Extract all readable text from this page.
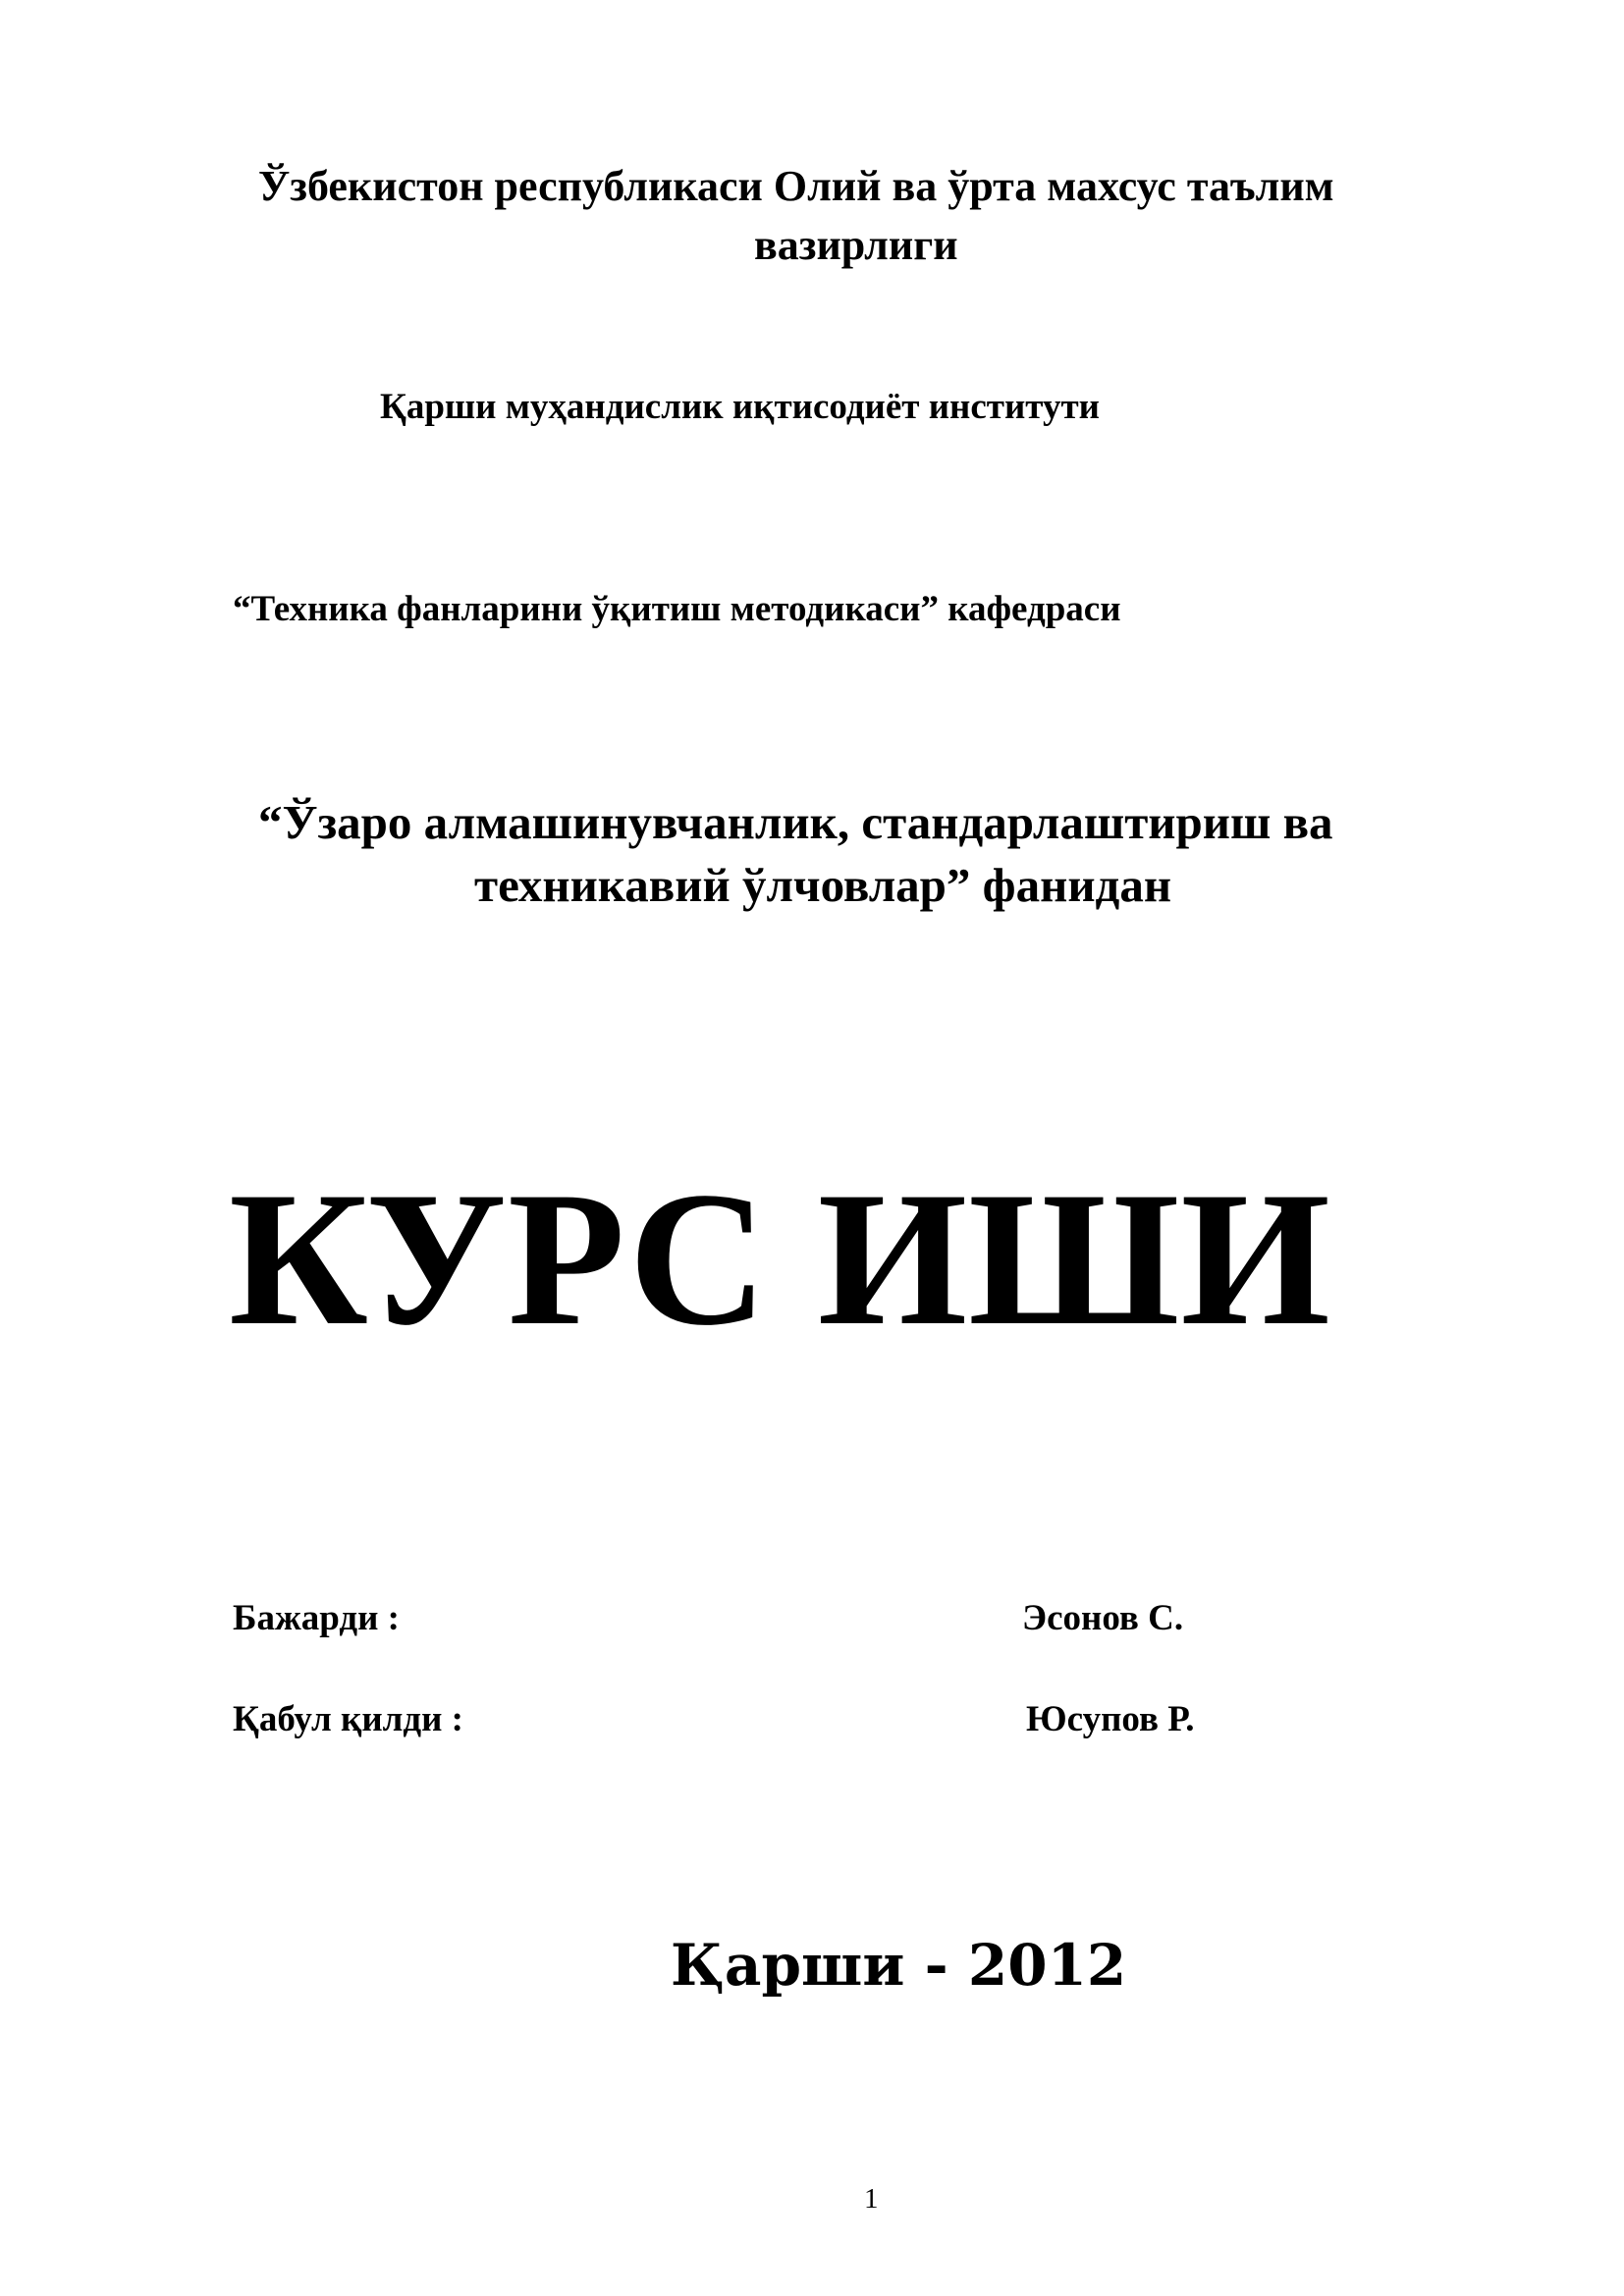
Ўзбекистон республикаси Олий ва ўрта махсус таълим
вазирлиги
Қарши муҳандислик иқтисодиёт институти
“Техника фанларини ўқитиш методикаси” кафедраси
“Ўзаро алмашинувчанлик, стандарлаштириш ва
техникавий ўлчовлар” фанидан
КУРС ИШИ
Бажарди :	Эсонов С.
Қабул қилди :	Юсупов Р.
Қарши - 2012
1
